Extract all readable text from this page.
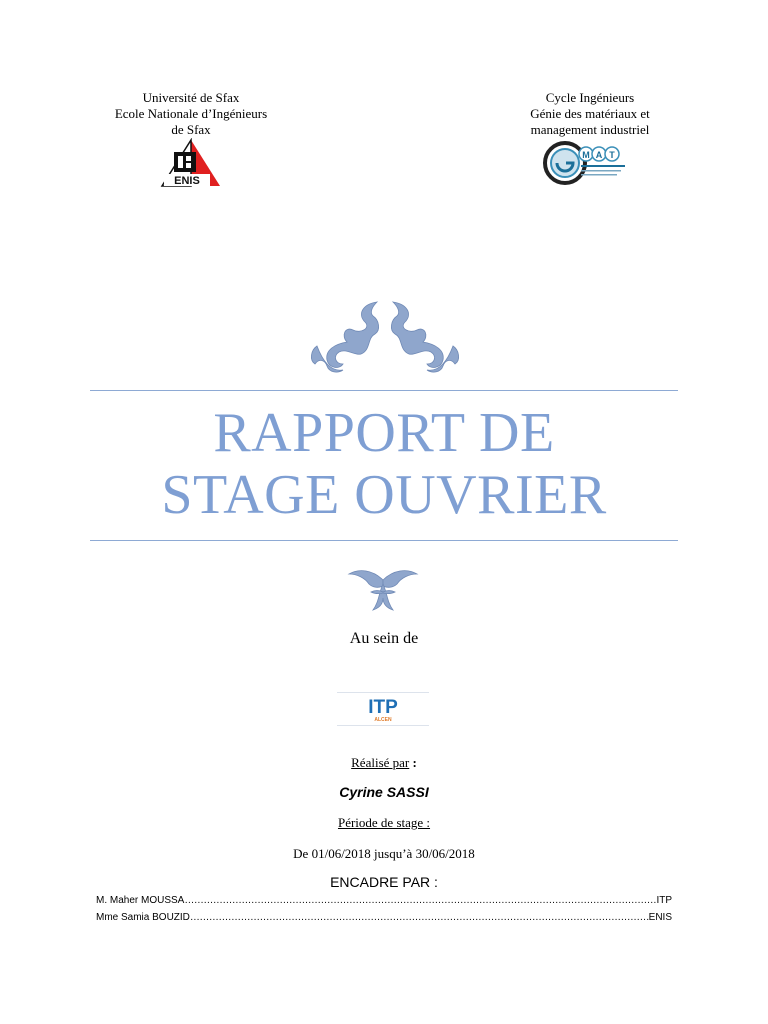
Université de Sfax
Ecole Nationale d’Ingénieurs
de Sfax
ENIS
Cycle Ingénieurs
Génie des matériaux et
management industriel
M A T
RAPPORT DE
STAGE OUVRIER
Au sein de
ITP
ALCEN
Réalisé par :
Cyrine SASSI
Période de stage :
De 01/06/2018 jusqu’à 30/06/2018
ENCADRE PAR :
M. Maher MOUSSA ………………………………………………………………………………………………………………………………………………………………………………………………………………	ITP
Mme Samia BOUZID ………………………………………………………………………………………………………………………………………………………………………………………………………………	ENIS
